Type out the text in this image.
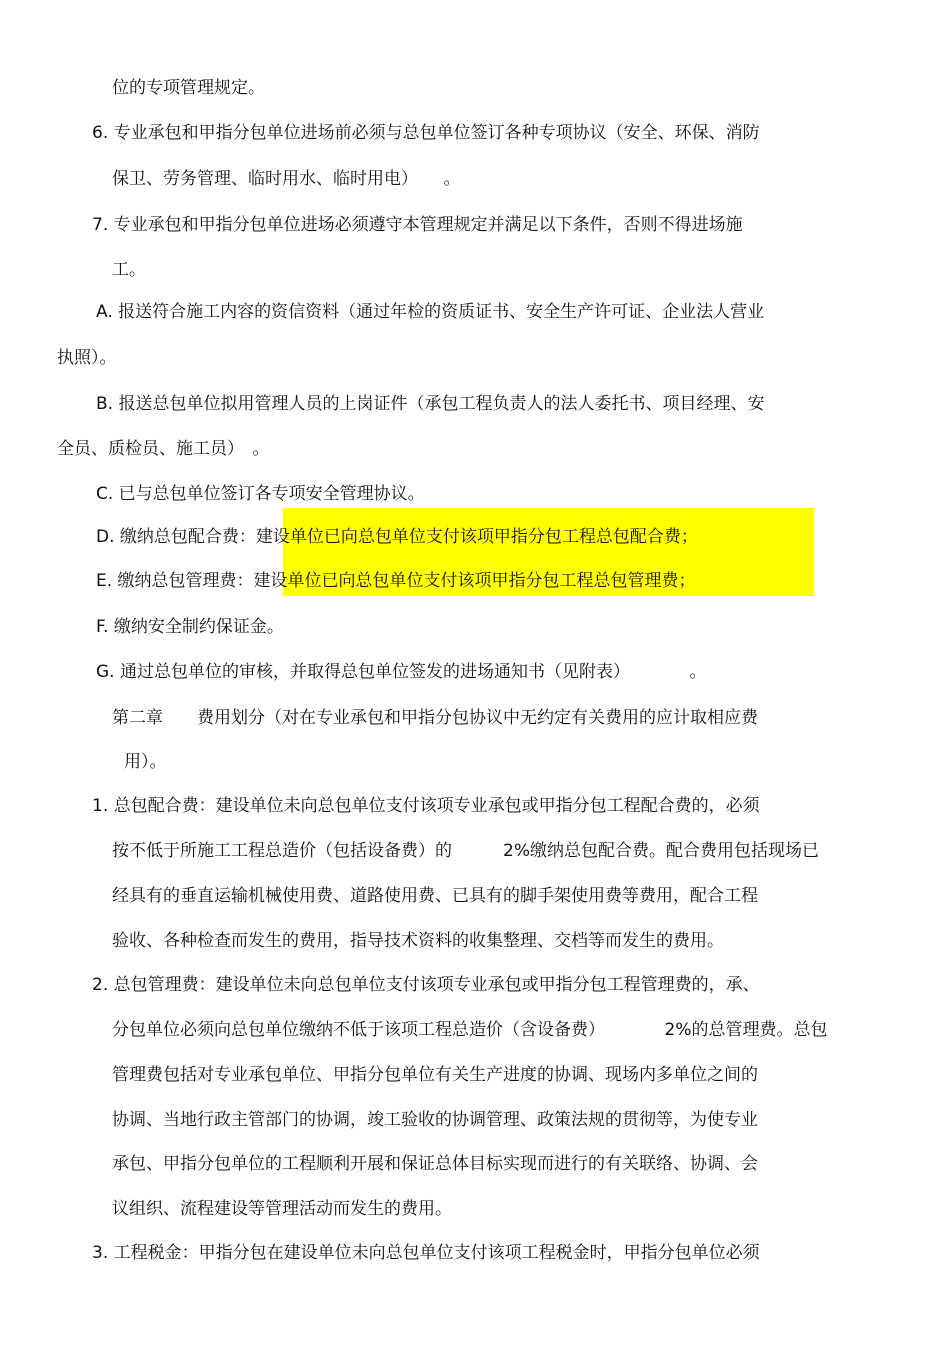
位的专项管理规定。
6. 专业承包和甲指分包单位进场前必须与总包单位签订各种专项协议（安全、环保、消防
保卫、劳务管理、临时用水、临时用电）　　。
7. 专业承包和甲指分包单位进场必须遵守本管理规定并满足以下条件，否则不得进场施
工。
A. 报送符合施工内容的资信资料（通过年检的资质证书、安全生产许可证、企业法人营业
执照）。
B. 报送总包单位拟用管理人员的上岗证件（承包工程负责人的法人委托书、项目经理、安
全员、质检员、施工员）　。
C. 已与总包单位签订各专项安全管理协议。
D. 缴纳总包配合费：建设单位已向总包单位支付该项甲指分包工程总包配合费；
E. 缴纳总包管理费：建设单位已向总包单位支付该项甲指分包工程总包管理费；
F. 缴纳安全制约保证金。
G. 通过总包单位的审核，并取得总包单位签发的进场通知书（见附表）　　　　。
第二章　　费用划分（对在专业承包和甲指分包协议中无约定有关费用的应计取相应费
用）。
1. 总包配合费：建设单位未向总包单位支付该项专业承包或甲指分包工程配合费的，必须
按不低于所施工工程总造价（包括设备费）的　　　2%缴纳总包配合费。配合费用包括现场已
经具有的垂直运输机械使用费、道路使用费、已具有的脚手架使用费等费用，配合工程
验收、各种检查而发生的费用，指导技术资料的收集整理、交档等而发生的费用。
2. 总包管理费：建设单位未向总包单位支付该项专业承包或甲指分包工程管理费的，承、
分包单位必须向总包单位缴纳不低于该项工程总造价（含设备费）　　　　2%的总管理费。总包
管理费包括对专业承包单位、甲指分包单位有关生产进度的协调、现场内多单位之间的
协调、当地行政主管部门的协调，竣工验收的协调管理、政策法规的贯彻等，为使专业
承包、甲指分包单位的工程顺利开展和保证总体目标实现而进行的有关联络、协调、会
议组织、流程建设等管理活动而发生的费用。
3. 工程税金：甲指分包在建设单位未向总包单位支付该项工程税金时，甲指分包单位必须
